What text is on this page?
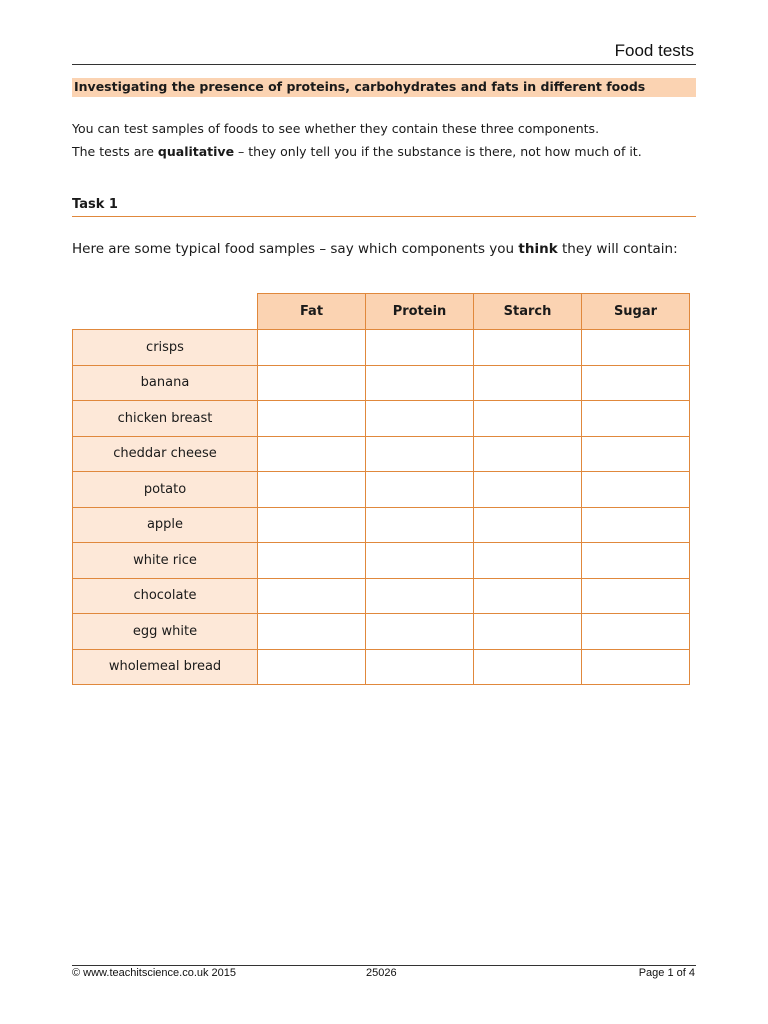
Food tests
Investigating the presence of proteins, carbohydrates and fats in different foods
You can test samples of foods to see whether they contain these three components.
The tests are qualitative – they only tell you if the substance is there, not how much of it.
Task 1
Here are some typical food samples – say which components you think they will contain:
	Fat	Protein	Starch	Sugar
crisps				
banana				
chicken breast				
cheddar cheese				
potato				
apple				
white rice				
chocolate				
egg white				
wholemeal bread				
© www.teachitscience.co.uk 2015	25026	Page 1 of 4
